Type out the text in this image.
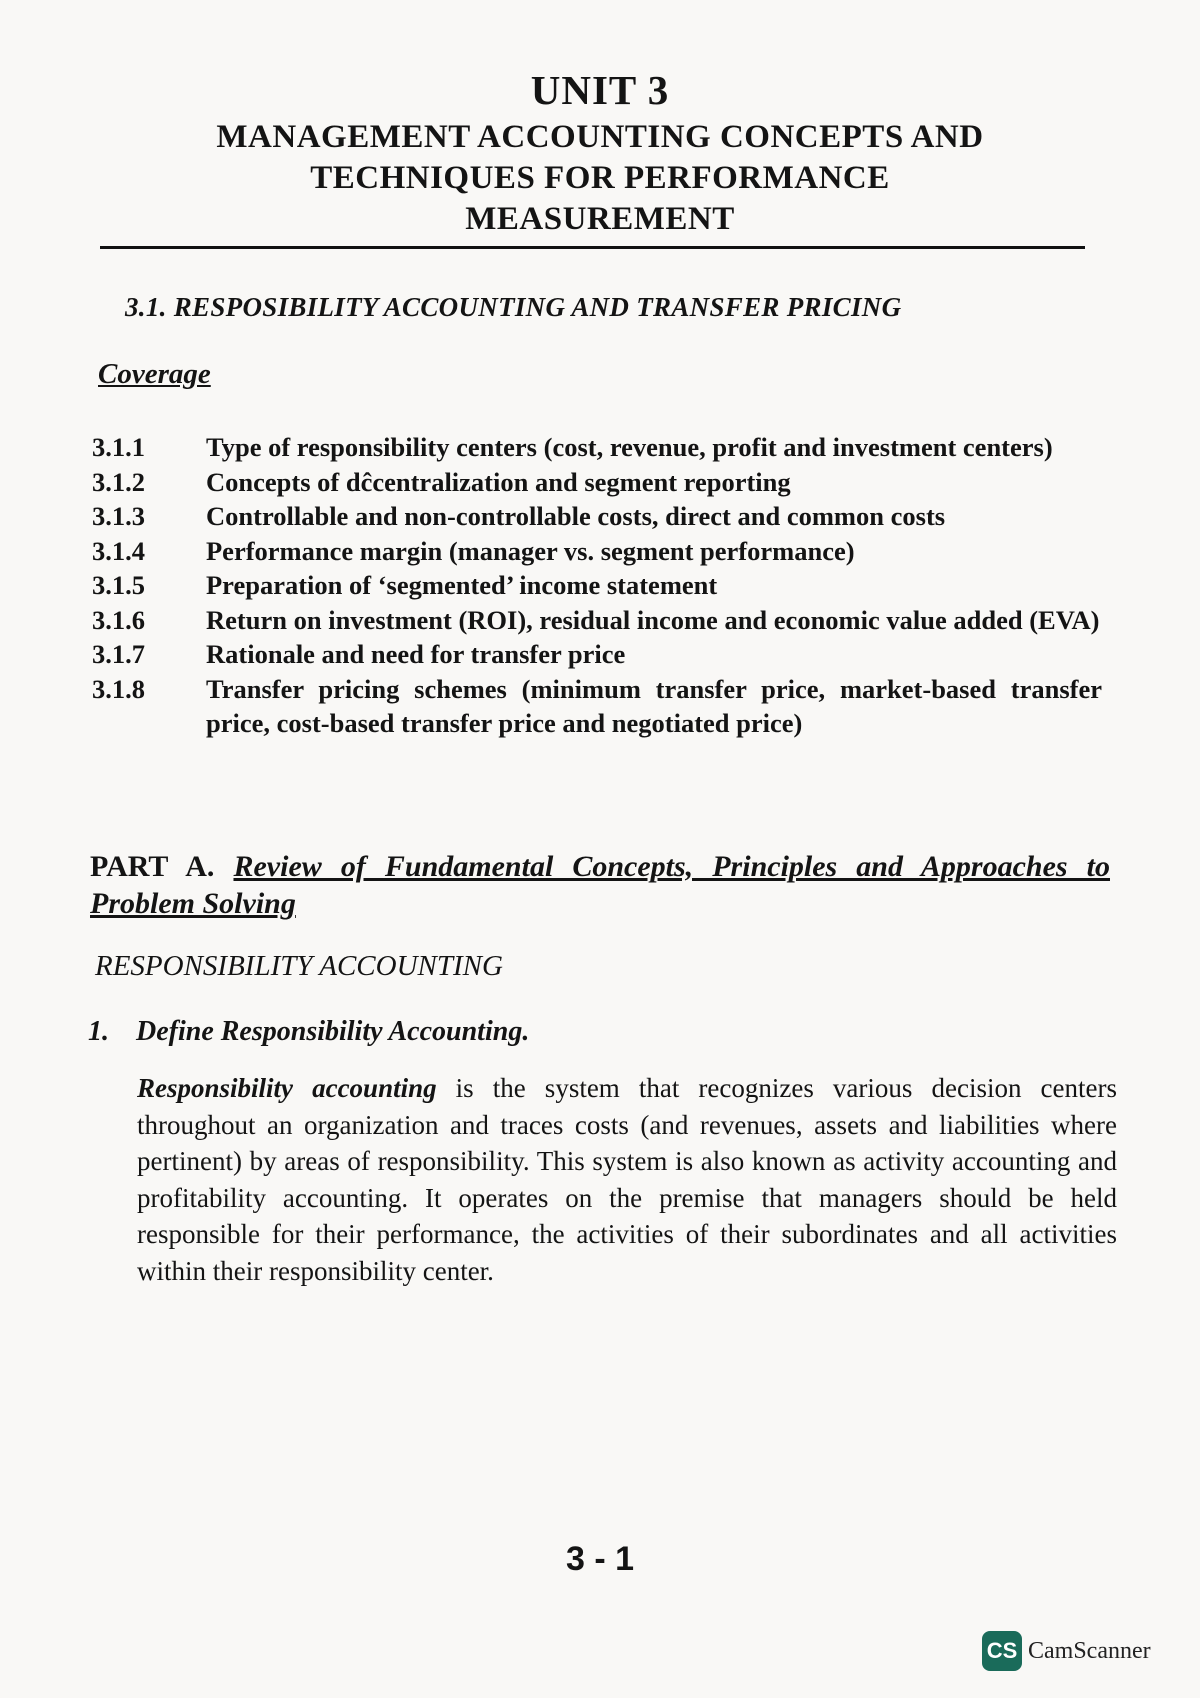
UNIT 3
MANAGEMENT ACCOUNTING CONCEPTS AND
TECHNIQUES FOR PERFORMANCE
MEASUREMENT
3.1. RESPOSIBILITY ACCOUNTING AND TRANSFER PRICING
Coverage
3.1.1	Type of responsibility centers (cost, revenue, profit and investment centers)
3.1.2	Concepts of dĉcentralization and segment reporting
3.1.3	Controllable and non-controllable costs, direct and common costs
3.1.4	Performance margin (manager vs. segment performance)
3.1.5	Preparation of ‘segmented’ income statement
3.1.6	Return on investment (ROI), residual income and economic value added (EVA)
3.1.7	Rationale and need for transfer price
3.1.8	Transfer pricing schemes (minimum transfer price, market-based transfer price, cost-based transfer price and negotiated price)
PART A. Review of Fundamental Concepts, Principles and Approaches to Problem Solving
RESPONSIBILITY ACCOUNTING
1. Define Responsibility Accounting.
Responsibility accounting is the system that recognizes various decision centers throughout an organization and traces costs (and revenues, assets and liabilities where pertinent) by areas of responsibility. This system is also known as activity accounting and profitability accounting. It operates on the premise that managers should be held responsible for their performance, the activities of their subordinates and all activities within their responsibility center.
3 - 1
CS CamScanner
